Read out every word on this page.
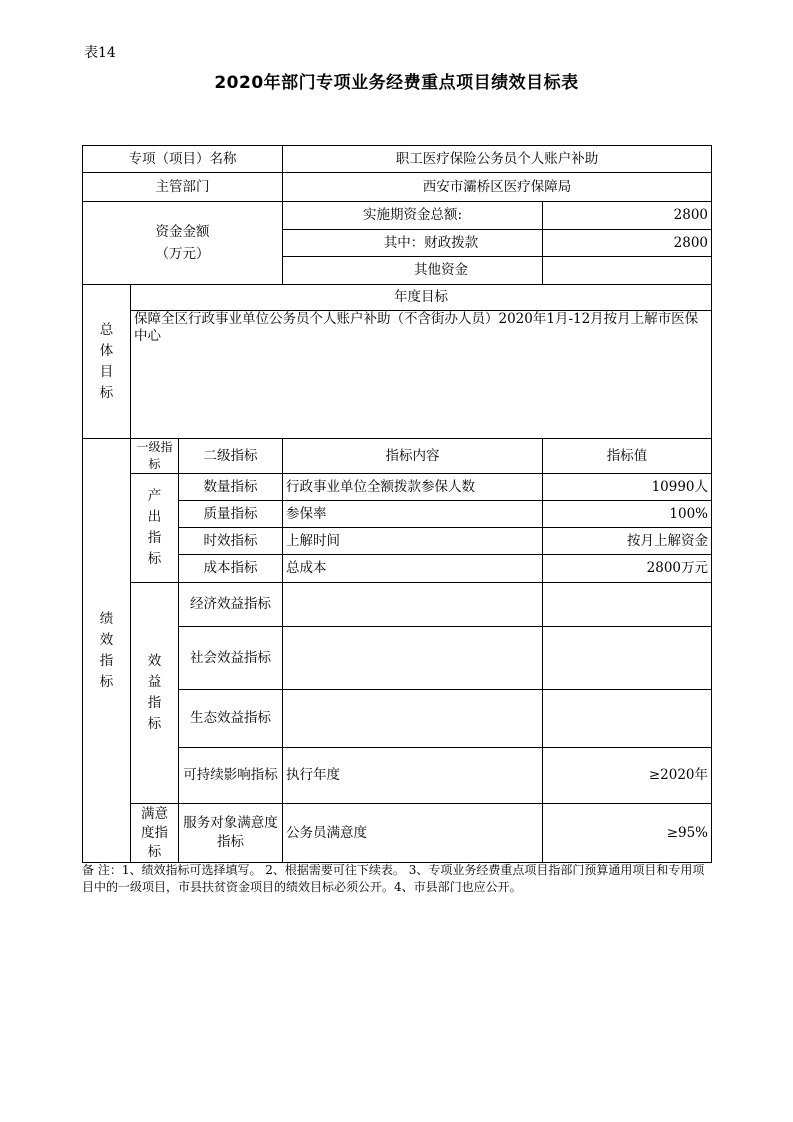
表14
2020年部门专项业务经费重点项目绩效目标表
专项（项目）名称			职工医疗保险公务员个人账户补助	
主管部门			西安市灞桥区医疗保障局	

资金金额
（万元）			实施期资金总额:	2800
			其中：财政拨款	2800
			其他资金	

总体目标	年度目标			
	保障全区行政事业单位公务员个人账户补助（不含街办人员）2020年1月-12月按月上解市医保中心			

绩效指标	一级指标	二级指标	指标内容	指标值

	产出指标	数量指标	行政事业单位全额拨款参保人数	10990人
		质量指标	参保率	100%
		时效指标	上解时间	按月上解资金
		成本指标	总成本	2800万元

	效益指标	经济效益指标		
		社会效益指标		
		生态效益指标		
		可持续影响指标	执行年度	≥2020年

	满意度指标	服务对象满意度指标	公务员满意度	≥95%
备 注：1、绩效指标可选择填写。 2、根据需要可往下续表。 3、专项业务经费重点项目指部门预算通用项目和专用项目中的一级项目，市县扶贫资金项目的绩效目标必须公开。4、市县部门也应公开。
